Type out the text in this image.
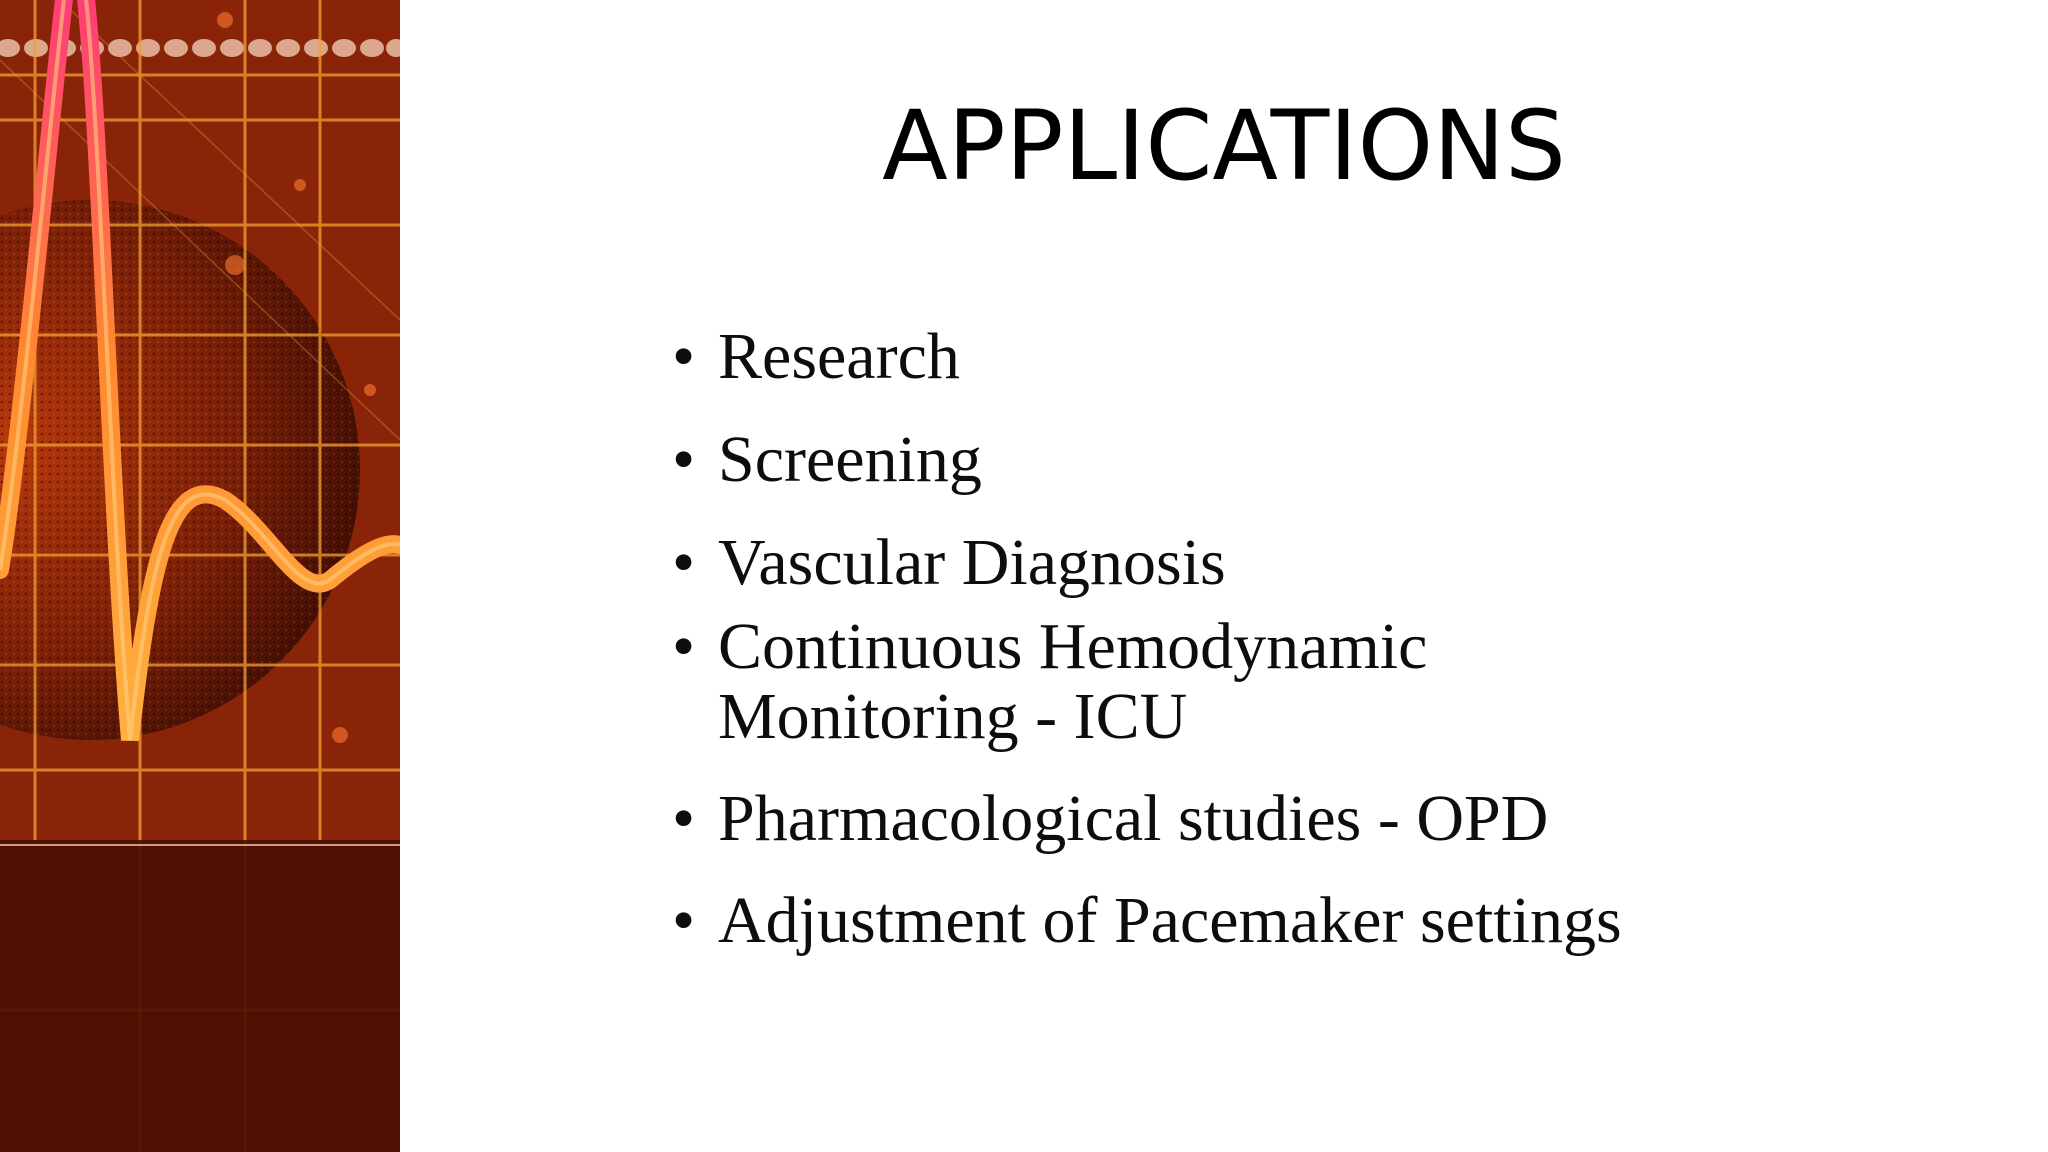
APPLICATIONS
• Research
• Screening
• Vascular Diagnosis
• Continuous Hemodynamic
Monitoring - ICU
• Pharmacological studies - OPD
• Adjustment of Pacemaker settings
